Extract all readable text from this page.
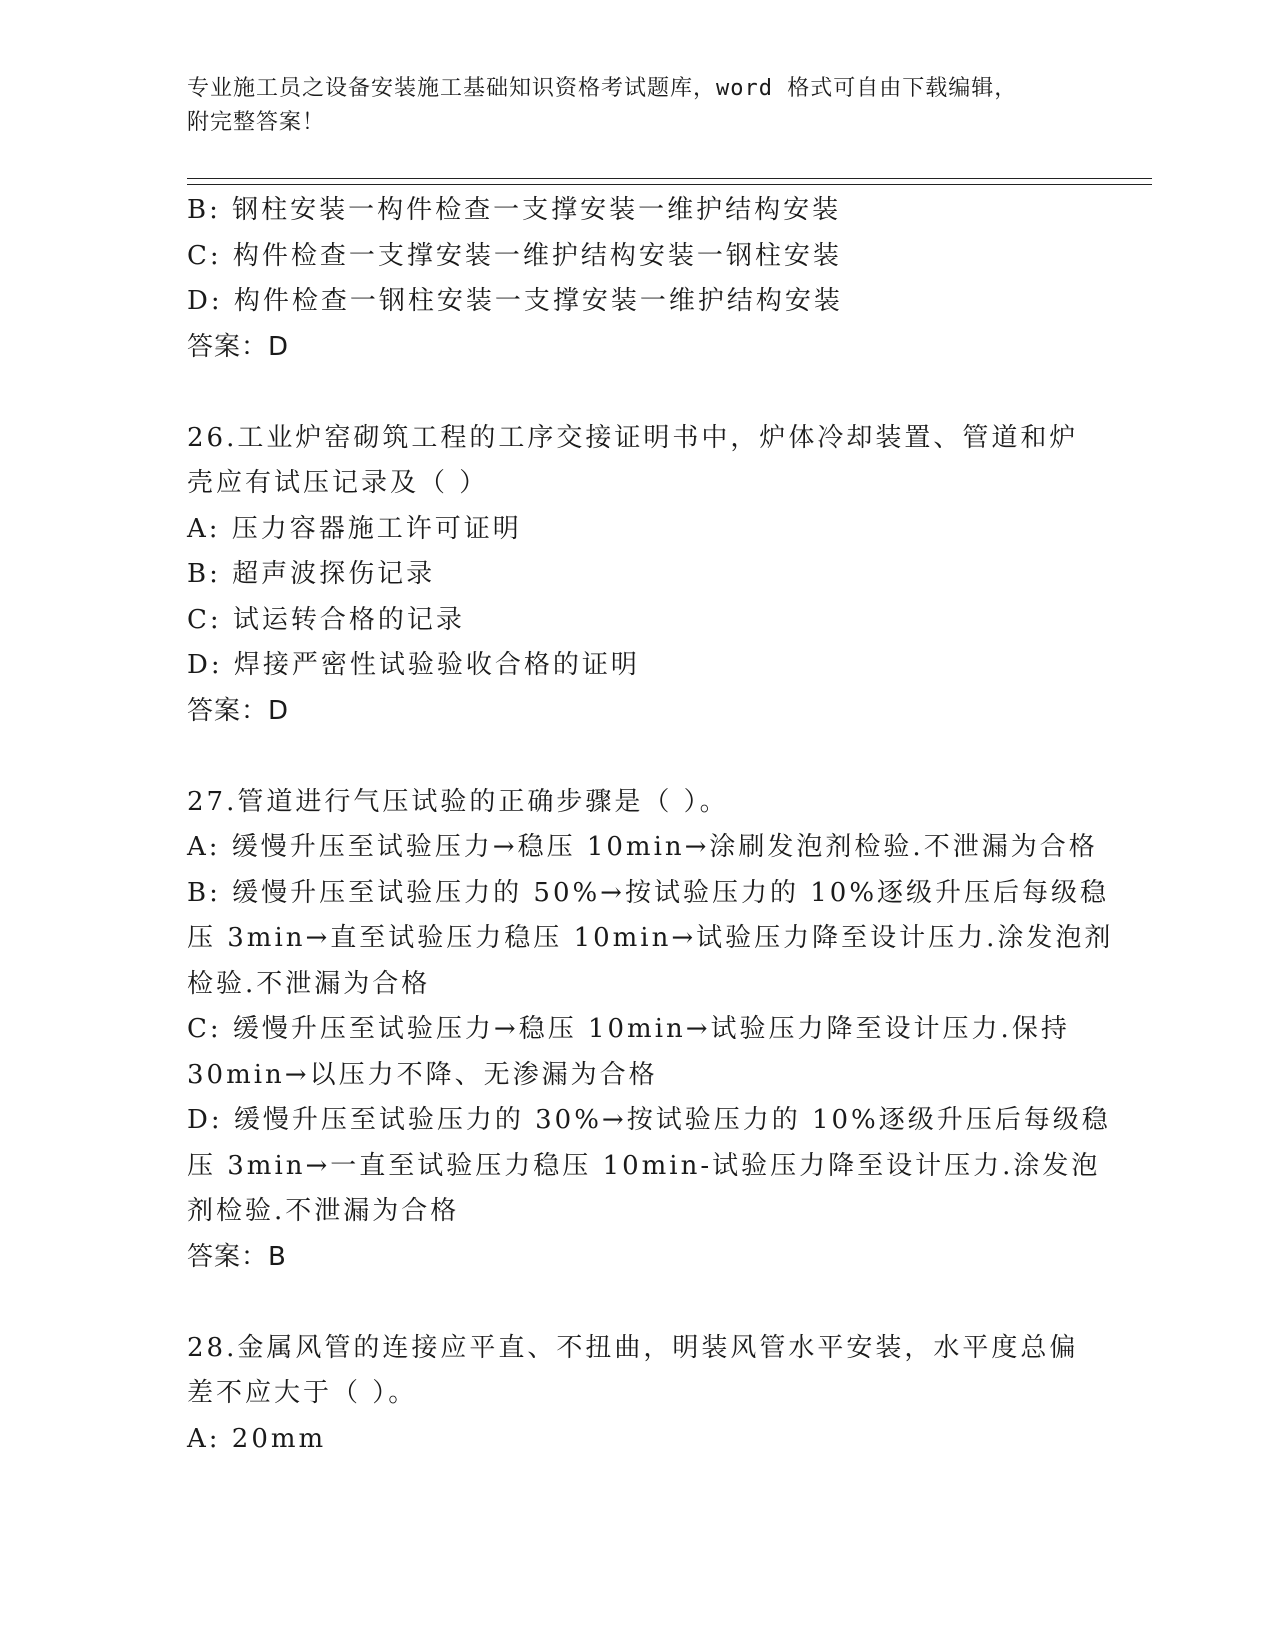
专业施工员之设备安装施工基础知识资格考试题库，word 格式可自由下载编辑，
附完整答案！
B: 钢柱安装一构件检查一支撑安装一维护结构安装
C: 构件检查一支撑安装一维护结构安装一钢柱安装
D: 构件检查一钢柱安装一支撑安装一维护结构安装
答案：D
26.工业炉窑砌筑工程的工序交接证明书中，炉体冷却装置、管道和炉
壳应有试压记录及（ ）
A: 压力容器施工许可证明
B: 超声波探伤记录
C: 试运转合格的记录
D: 焊接严密性试验验收合格的证明
答案：D
27.管道进行气压试验的正确步骤是（ ）。
A: 缓慢升压至试验压力→稳压 10min→涂刷发泡剂检验.不泄漏为合格
B: 缓慢升压至试验压力的 50%→按试验压力的 10%逐级升压后每级稳
压 3min→直至试验压力稳压 10min→试验压力降至设计压力.涂发泡剂
检验.不泄漏为合格
C: 缓慢升压至试验压力→稳压 10min→试验压力降至设计压力.保持
30min→以压力不降、无渗漏为合格
D: 缓慢升压至试验压力的 30%→按试验压力的 10%逐级升压后每级稳
压 3min→一直至试验压力稳压 10min-试验压力降至设计压力.涂发泡
剂检验.不泄漏为合格
答案：B
28.金属风管的连接应平直、不扭曲，明装风管水平安装，水平度总偏
差不应大于（ ）。
A: 20mm
